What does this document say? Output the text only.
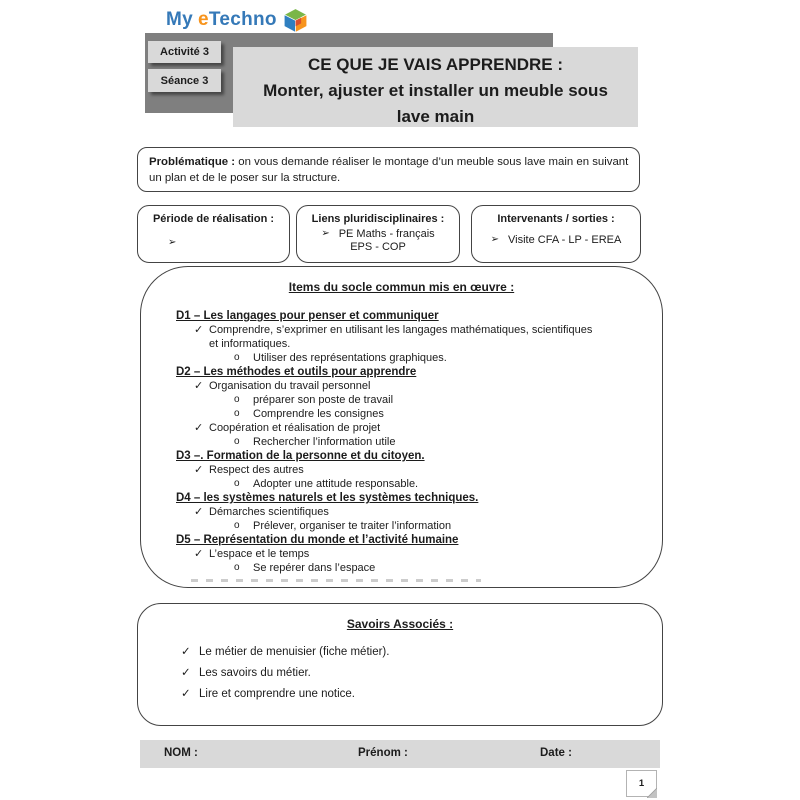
My e Techno
Activité 3
Séance 3
CE QUE JE VAIS APPRENDRE :
Monter, ajuster et installer un meuble sous lave main
Problématique : on vous demande réaliser le montage d’un meuble sous lave main en suivant un plan et de le poser sur la structure.
Période de réalisation :
➢
Liens pluridisciplinaires :
➢ PE Maths - français
EPS - COP
Intervenants / sorties :
➢ Visite CFA - LP - EREA
Items du socle commun mis en œuvre :
D1 – Les langages pour penser et communiquer
✓ Comprendre, s’exprimer en utilisant les langages mathématiques, scientifiques et informatiques.
o	Utiliser des représentations graphiques.
D2 – Les méthodes et outils pour apprendre
✓ Organisation du travail personnel
o	préparer son poste de travail
o	Comprendre les consignes
✓ Coopération et réalisation de projet
o	Rechercher l’information utile
D3 –. Formation de la personne et du citoyen.
✓ Respect des autres
o	Adopter une attitude responsable.
D4 – les systèmes naturels et les systèmes techniques.
✓ Démarches scientifiques
o	Prélever, organiser te traiter l’information
D5 – Représentation du monde et l’activité humaine
✓ L’espace et le temps
o	Se repérer dans l’espace
Savoirs Associés :
✓ Le métier de menuisier (fiche métier).
✓ Les savoirs du métier.
✓ Lire et comprendre une notice.
NOM :	Prénom :	Date :
1
